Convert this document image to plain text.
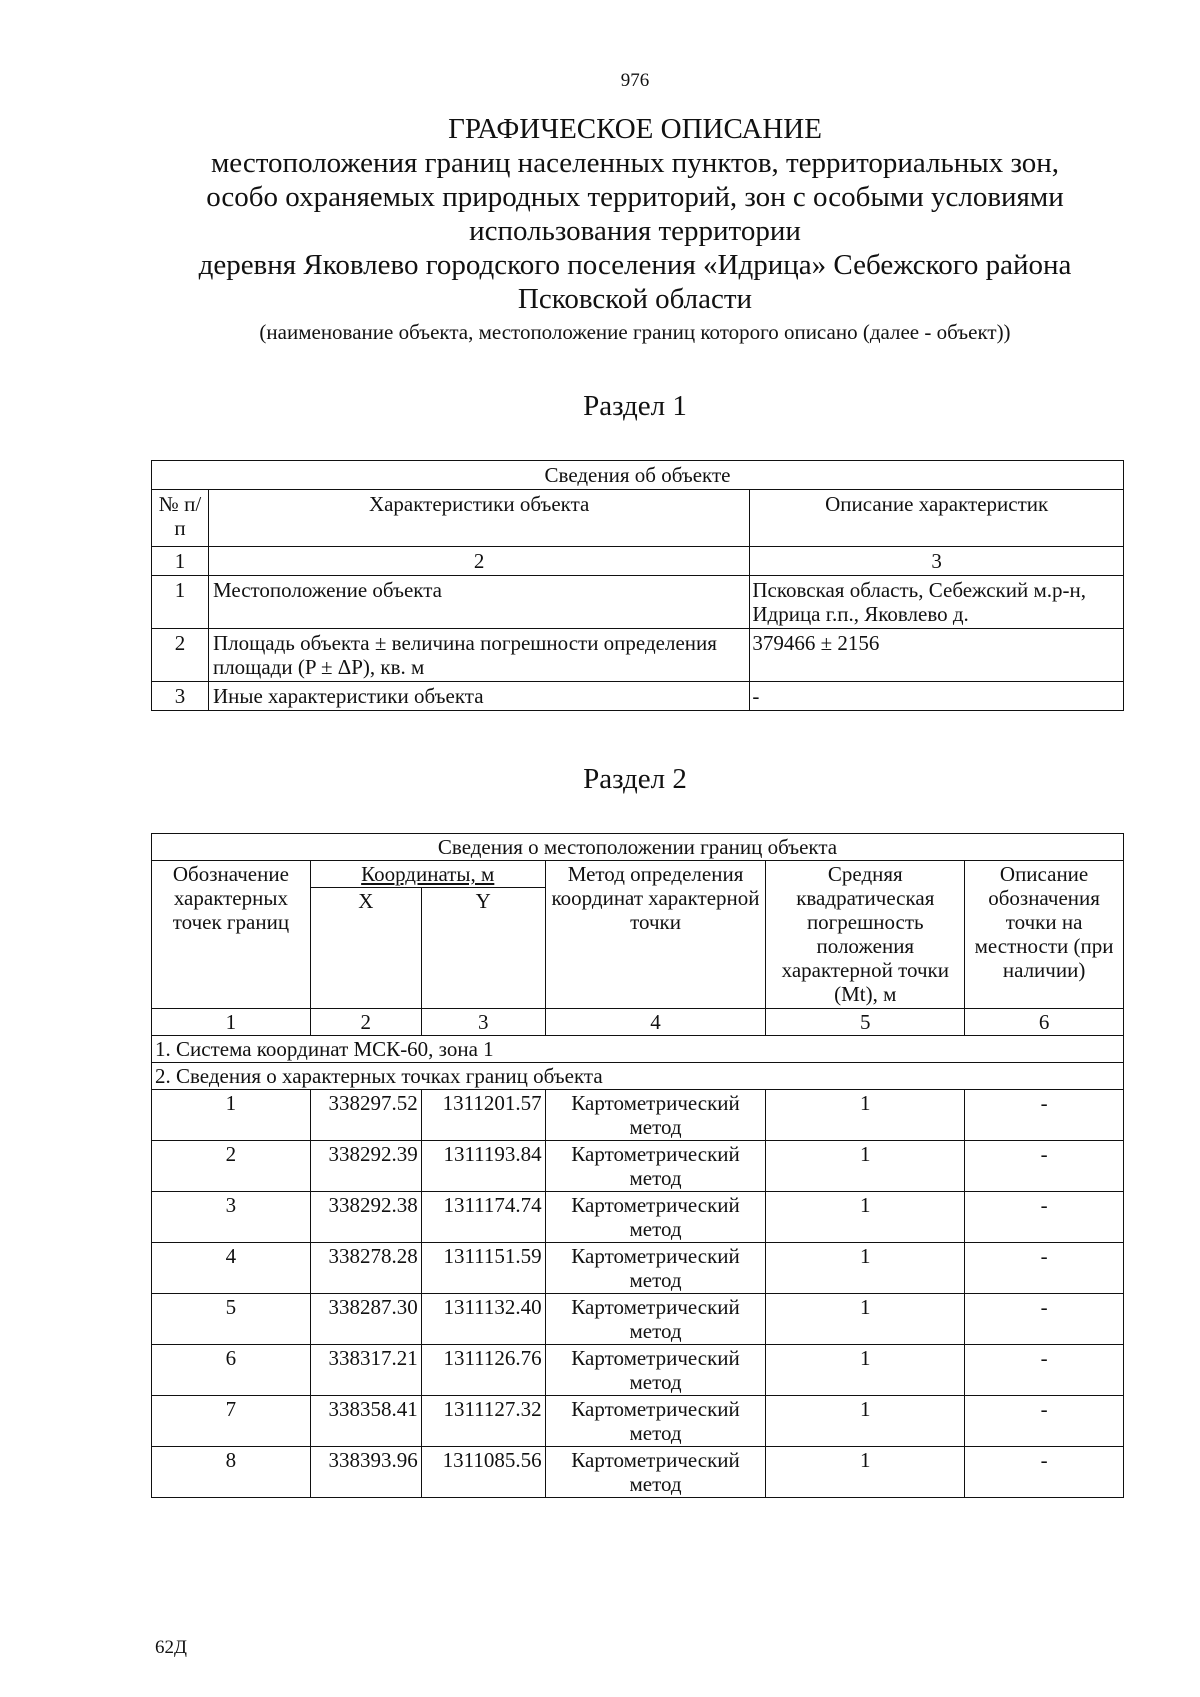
976
ГРАФИЧЕСКОЕ ОПИСАНИЕ
местоположения границ населенных пунктов, территориальных зон,
особо охраняемых природных территорий, зон с особыми условиями
использования территории
деревня Яковлево городского поселения «Идрица» Себежского района
Псковской области
(наименование объекта, местоположение границ которого описано (далее - объект))
Раздел 1
Сведения об объекте		
№ п/п	Характеристики объекта	Описание характеристик
1	2	3
1	Местоположение объекта	Псковская область, Себежский м.р-н, Идрица г.п., Яковлево д.
2	Площадь объекта ± величина погрешности определения площади (P ± ΔP), кв. м	379466 ± 2156
3	Иные характеристики объекта	-
Раздел 2
Сведения о местоположении границ объекта					
Обозначение характерных точек границ	Координаты, м		Метод определения координат характерной точки	Средняя квадратическая погрешность положения характерной точки (Mt), м	Описание обозначения точки на местности (при наличии)
	X	Y			
1	2	3	4	5	6
1. Система координат МСК-60, зона 1					
2. Сведения о характерных точках границ объекта					
1	338297.52	1311201.57	Картометрический метод	1	-
2	338292.39	1311193.84	Картометрический метод	1	-
3	338292.38	1311174.74	Картометрический метод	1	-
4	338278.28	1311151.59	Картометрический метод	1	-
5	338287.30	1311132.40	Картометрический метод	1	-
6	338317.21	1311126.76	Картометрический метод	1	-
7	338358.41	1311127.32	Картометрический метод	1	-
8	338393.96	1311085.56	Картометрический метод	1	-
62Д
